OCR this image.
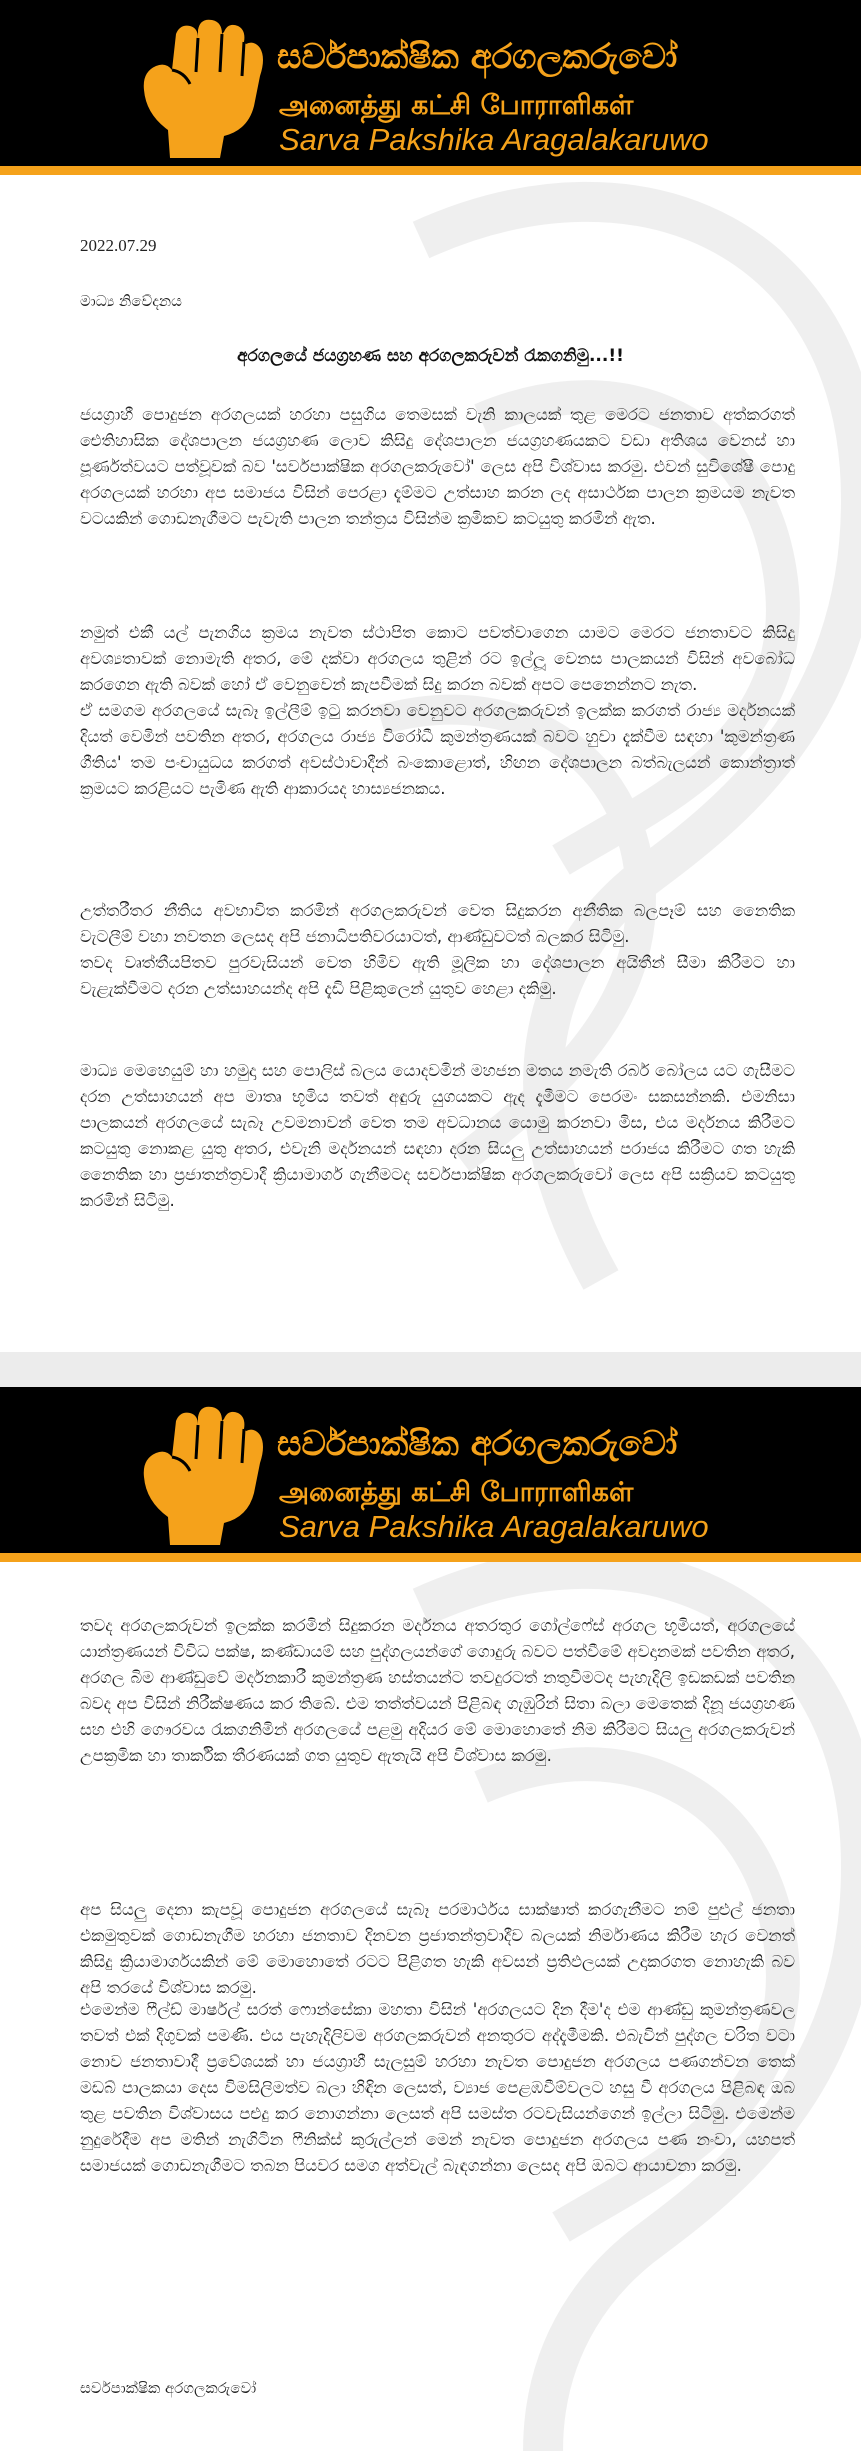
සර්වපාක්ෂික අරගලකරුවෝ
அனைத்து கட்சி போராளிகள்
Sarva Pakshika Aragalakaruwo
2022.07.29
මාධ්‍ය නිවේදනය
අරගලයේ ජයග්‍රහණ සහ අරගලකරුවන් රැකගනිමු...!!

ජයග්‍රාහී පොදුජන අරගලයක් හරහා පසුගිය තෙමසක් වැනි කාලයක් තුළ මෙරට ජනතාව අත්කරගත් ඓතිහාසික දේශපාලන ජයග්‍රහණ ලොව කිසිදු දේශපාලන ජයග්‍රහණයකට වඩා අතිශය වෙනස් හා පූර්ණත්වයට පත්වූවක් බව 'සර්වපාක්ෂික අරගලකරුවෝ' ලෙස අපි විශ්වාස කරමු. එවන් සුවිශේෂී පොදු අරගලයක් හරහා අප සමාජය විසින් පෙරළා දැම්මට උත්සාහ කරන ලද අසාර්ථක පාලන ක්‍රමයම නැවත වටයකින් ගොඩනැගීමට පැවැති පාලන තන්ත්‍රය විසින්ම ක්‍රමිකව කටයුතු කරමින් ඇත.

නමුත් එකී යල් පැනගිය ක්‍රමය නැවත ස්ථාපිත කොට පවත්වාගෙන යාමට මෙරට ජනතාවට කිසිදු අවශ්‍යතාවක් නොමැති අතර, මේ දක්වා අරගලය තුළින් රට ඉල්ලූ වෙනස පාලකයන් විසින් අවබෝධ කරගෙන ඇති බවක් හෝ ඒ වෙනුවෙන් කැපවීමක් සිදු කරන බවක් අපට පෙනෙන්නට නැත.
ඒ සමගම අරගලයේ සැබෑ ඉල්ලීම් ඉටු කරනවා වෙනුවට අරගලකරුවන් ඉලක්ක කරගත් රාජ්‍ය මර්දනයක් දියත් වෙමින් පවතින අතර, අරගලය රාජ්‍ය විරෝධී කුමන්ත්‍රණයක් බවට හුවා දැක්වීම සඳහා 'කුමන්ත්‍රණ ගීතිය' තම පංචායුධය කරගත් අවස්ථාවාදීන් බංකොළොත්, හිඟන දේශපාලන බත්බැලයන් කොන්ත්‍රාත් ක්‍රමයට කරළියට පැමිණ ඇති ආකාරයද හාස්‍යජනකය.

උත්තරීතර නීතිය අවභාවිත කරමින් අරගලකරුවන් වෙත සිදුකරන අනීතික බලපෑම් සහ නෛතික වැටලීම් වහා නවතන ලෙසද අපි ජනාධිපතිවරයාටත්, ආණ්ඩුවටත් බලකර සිටිමු.
තවද වෘත්තීයපිතව පුරවැසියන් වෙත හිමිව ඇති මූලික හා දේශපාලන අයිතීන් සීමා කිරීමට හා වැළැක්වීමට දරන උත්සාහයන්ද අපි දැඩි පිළිකුලෙන් යුතුව හෙළා දකිමු.

මාධ්‍ය මෙහෙයුම් හා හමුදා සහ පොලිස් බලය යොදවමින් මහජන මතය නමැති රබර් බෝලය යට ගැසීමට දරන උත්සාහයන් අප මාතෘ භූමිය තවත් අඳුරු යුගයකට ඇද දැමීමට පෙරමං සකසන්නකි. එමනිසා පාලකයන් අරගලයේ සැබෑ උවමනාවන් වෙත තම අවධානය යොමු කරනවා මිස, එය මර්දනය කිරීමට කටයුතු නොකළ යුතු අතර, එවැනි මර්දනයන් සඳහා දරන සියලු උත්සාහයන් පරාජය කිරීමට ගත හැකි නෛතික හා ප්‍රජාතන්ත්‍රවාදී ක්‍රියාමාර්ග ගැනීමටද සර්වපාක්ෂික අරගලකරුවෝ ලෙස අපි සක්‍රියව කටයුතු කරමින් සිටිමු.

සර්වපාක්ෂික අරගලකරුවෝ
அனைத்து கட்சி போராளிகள்
Sarva Pakshika Aragalakaruwo

තවද අරගලකරුවන් ඉලක්ක කරමින් සිදුකරන මර්දනය අතරතුර ගෝල්ෆේස් අරගල භූමියත්, අරගලයේ යාන්ත්‍රණයන් විවිධ පක්ෂ, කණ්ඩායම් සහ පුද්ගලයන්ගේ ගොදුරු බවට පත්වීමේ අවදානමක් පවතින අතර, අරගල බිම ආණ්ඩුවේ මර්දනකාරී කුමන්ත්‍රණ හස්තයන්ට තවදුරටත් නතුවීමටද පැහැදිලි ඉඩකඩක් පවතින බවද අප විසින් නිරීක්ෂණය කර තිබේ. එම තත්ත්වයන් පිළිබඳ ගැඹුරින් සිතා බලා මෙතෙක් දිනූ ජයග්‍රහණ සහ එහි ගෞරවය රැකගනිමින් අරගලයේ පළමු අදියර මේ මොහොතේ නිම කිරීමට සියලු අරගලකරුවන් උපක්‍රමික හා තාර්කික තීරණයක් ගත යුතුව ඇතැයි අපි විශ්වාස කරමු.

අප සියලු දෙනා කැපවූ පොදුජන අරගලයේ සැබෑ පරමාර්ථය සාක්ෂාත් කරගැනීමට නම් පුළුල් ජනතා එකමුතුවක් ගොඩනැගීම හරහා ජනතාව දිනවන ප්‍රජාතන්ත්‍රවාදීව බලයක් නිර්මාණය කිරීම හැර වෙනත් කිසිදු ක්‍රියාමාර්ගයකින් මේ මොහොතේ රටට පිළිගත හැකි අවසන් ප්‍රතිඵලයක් උදාකරගත නොහැකි බව අපි තරයේ විශ්වාස කරමු.

එමෙන්ම ෆීල්ඩ් මාර්ෂල් සරත් ෆොන්සේකා මහතා විසින් 'අරගලයට දින දීම'ද එම ආණ්ඩු කුමන්ත්‍රණවල තවත් එක් දිගුවක් පමණි. එය පැහැදිලිවම අරගලකරුවන් අනතුරට අද්දැමීමකි. එබැවින් පුද්ගල චරිත වටා නොව ජනතාවාදී ප්‍රවේශයක් හා ජයග්‍රාහී සැලසුම් හරහා නැවත පොදුජන අරගලය පණගන්වන තෙක් මඩබ් පාලකයා දෙස විමසිලිමත්ව බලා හිඳින ලෙසත්, ව්‍යාජ පෙළඹවීම්වලට හසු වී අරගලය පිළිබඳ ඔබ තුළ පවතින විශ්වාසය පළුදු කර නොගන්නා ලෙසත් අපි සමස්ත රටවැසියන්ගෙන් ඉල්ලා සිටිමු. එමෙන්ම නුදුරේදීම අප මතින් නැගිටින ෆීනික්ස් කුරුල්ලන් මෙන් නැවත පොදුජන අරගලය පණ නංවා, යහපත් සමාජයක් ගොඩනැගීමට තබන පියවර සමග අත්වැල් බැඳගන්නා ලෙසද අපි ඔබට ආයාචනා කරමු.

සර්වපාක්ෂික අරගලකරුවෝ
